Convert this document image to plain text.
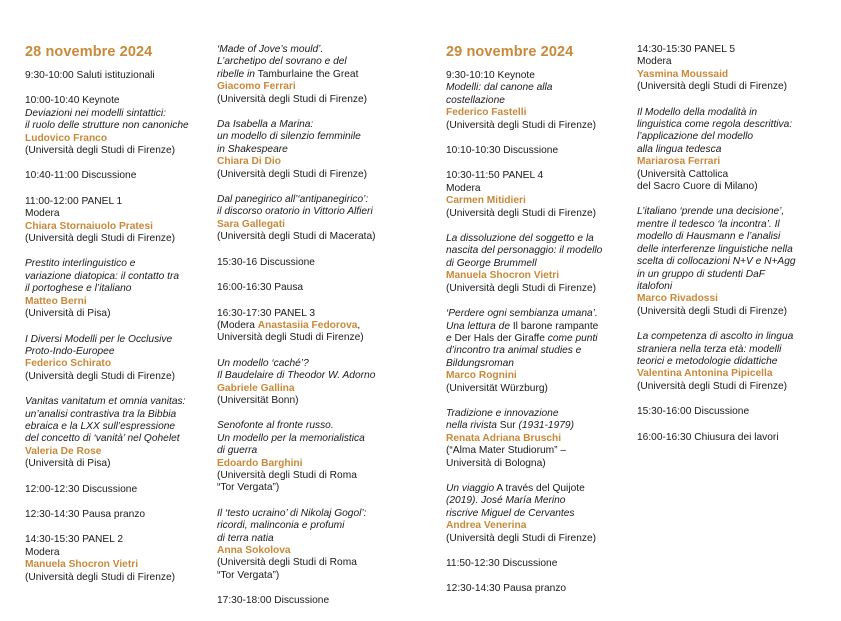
28 novembre 2024
9:30-10:00 Saluti istituzionali
10:00-10:40 Keynote
Deviazioni nei modelli sintattici:
il ruolo delle strutture non canoniche
Ludovico Franco
(Università degli Studi di Firenze)
10:40-11:00 Discussione
11:00-12:00 PANEL 1
Modera
Chiara Stornaiuolo Pratesi
(Università degli Studi di Firenze)
Prestito interlinguistico e
variazione diatopica: il contatto tra
il portoghese e l’italiano
Matteo Berni
(Università di Pisa)
I Diversi Modelli per le Occlusive
Proto-Indo-Europee
Federico Schirato
(Università degli Studi di Firenze)
Vanitas vanitatum et omnia vanitas:
un’analisi contrastiva tra la Bibbia
ebraica e la LXX sull’espressione
del concetto di ‘vanità’ nel Qohelet
Valeria De Rose
(Università di Pisa)
12:00-12:30 Discussione
12:30-14:30 Pausa pranzo
14:30-15:30 PANEL 2
Modera
Manuela Shocron Vietri
(Università degli Studi di Firenze)
‘Made of Jove’s mould’.
L’archetipo del sovrano e del
ribelle in Tamburlaine the Great
Giacomo Ferrari
(Università degli Studi di Firenze)
Da Isabella a Marina:
un modello di silenzio femminile
in Shakespeare
Chiara Di Dio
(Università degli Studi di Firenze)
Dal panegirico all’‘antipanegirico’:
il discorso oratorio in Vittorio Alfieri
Sara Gallegati
(Università degli Studi di Macerata)
15:30-16 Discussione
16:00-16:30 Pausa
16:30-17:30 PANEL 3
(Modera Anastasiia Fedorova,
Università degli Studi di Firenze)
Un modello ‘caché’?
Il Baudelaire di Theodor W. Adorno
Gabriele Gallina
(Universität Bonn)
Senofonte al fronte russo.
Un modello per la memorialistica
di guerra
Edoardo Barghini
(Università degli Studi di Roma
“Tor Vergata”)
Il ‘testo ucraino’ di Nikolaj Gogol’:
ricordi, malinconia e profumi
di terra natia
Anna Sokolova
(Università degli Studi di Roma
“Tor Vergata”)
17:30-18:00 Discussione
29 novembre 2024
9:30-10:10 Keynote
Modelli: dal canone alla
costellazione
Federico Fastelli
(Università degli Studi di Firenze)
10:10-10:30 Discussione
10:30-11:50 PANEL 4
Modera
Carmen Mitidieri
(Università degli Studi di Firenze)
La dissoluzione del soggetto e la
nascita del personaggio: il modello
di George Brummell
Manuela Shocron Vietri
(Università degli Studi di Firenze)
‘Perdere ogni sembianza umana’.
Una lettura de Il barone rampante
e Der Hals der Giraffe come punti
d’incontro tra animal studies e
Bildungsroman
Marco Rognini
(Universität Würzburg)
Tradizione e innovazione
nella rivista Sur (1931-1979)
Renata Adriana Bruschi
(“Alma Mater Studiorum” –
Università di Bologna)
Un viaggio A través del Quijote
(2019). José María Merino
riscrive Miguel de Cervantes
Andrea Venerina
(Università degli Studi di Firenze)
11:50-12:30 Discussione
12:30-14:30 Pausa pranzo
14:30-15:30 PANEL 5
Modera
Yasmina Moussaid
(Università degli Studi di Firenze)
Il Modello della modalità in
linguistica come regola descrittiva:
l’applicazione del modello
alla lingua tedesca
Mariarosa Ferrari
(Università Cattolica
del Sacro Cuore di Milano)
L’italiano ‘prende una decisione’,
mentre il tedesco ‘la incontra’. Il
modello di Hausmann e l’analisi
delle interferenze linguistiche nella
scelta di collocazioni N+V e N+Agg
in un gruppo di studenti DaF
italofoni
Marco Rivadossi
(Università degli Studi di Firenze)
La competenza di ascolto in lingua
straniera nella terza età: modelli
teorici e metodologie didattiche
Valentina Antonina Pipicella
(Università degli Studi di Firenze)
15:30-16:00 Discussione
16:00-16:30 Chiusura dei lavori
